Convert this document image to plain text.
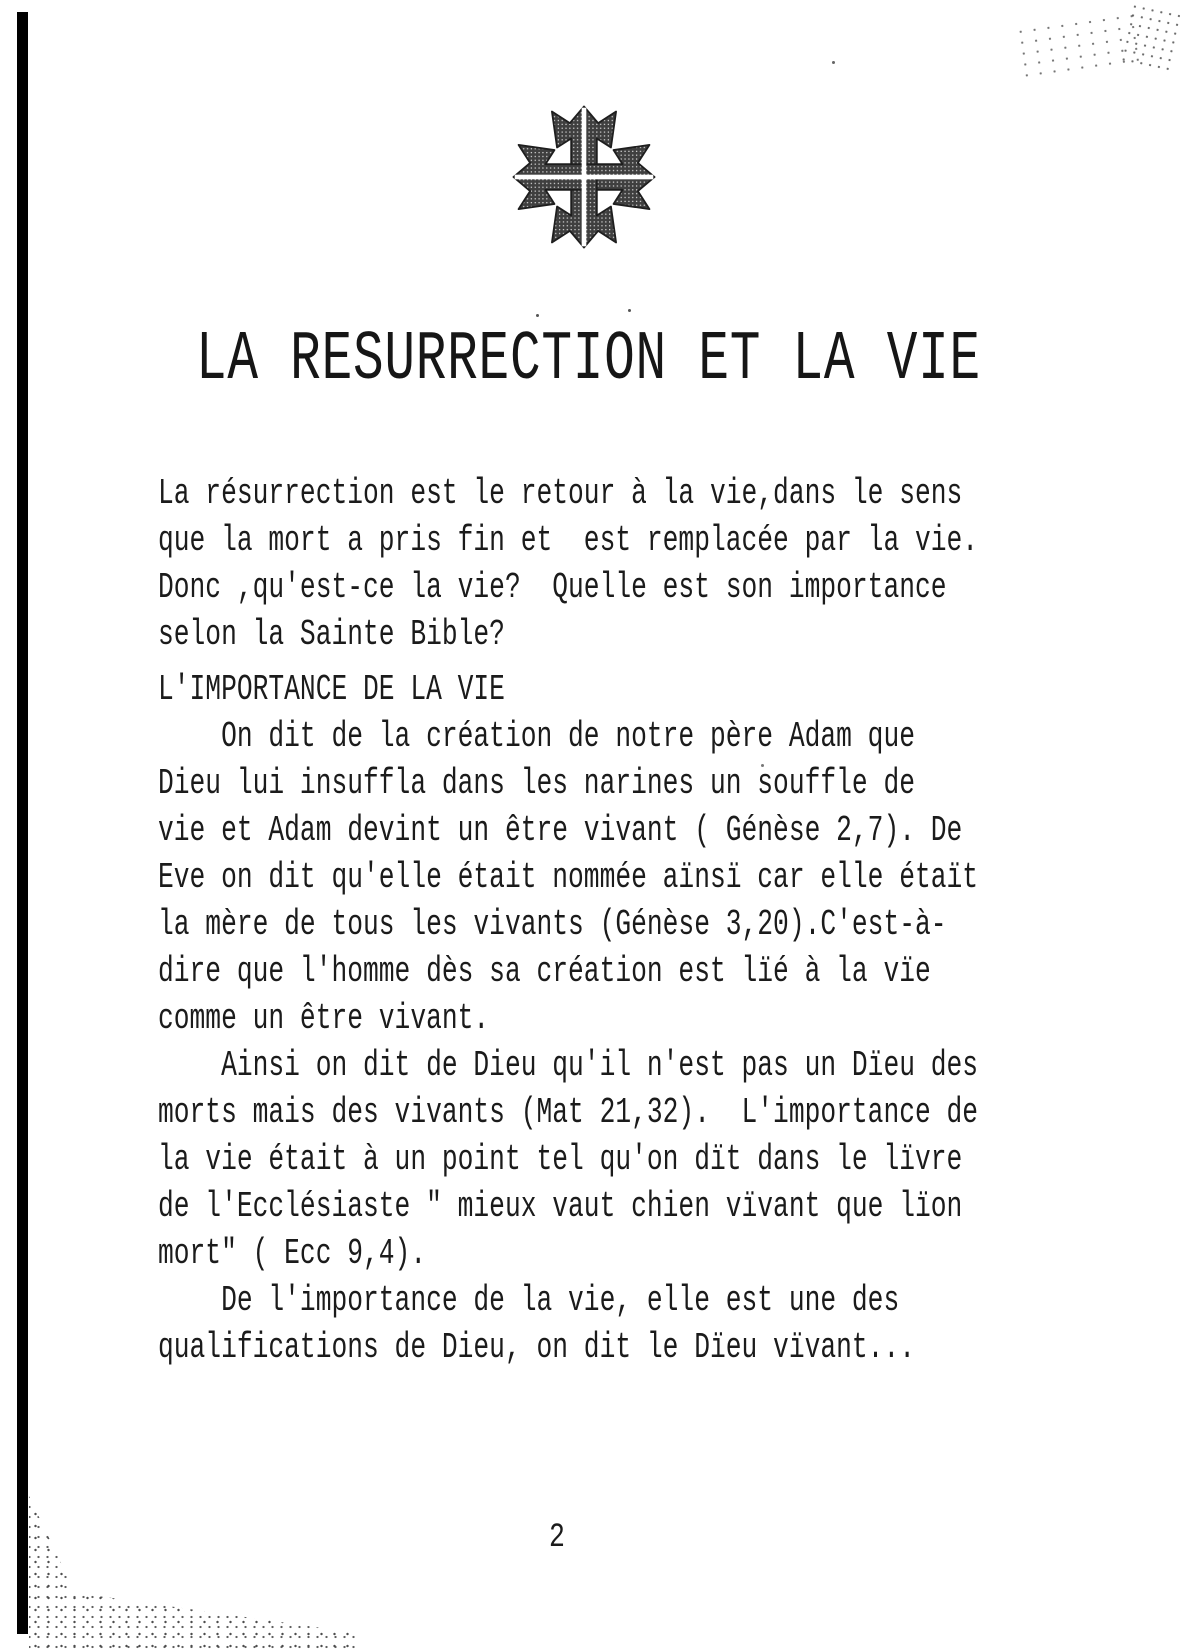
LA RESURRECTION ET LA VIE
La résurrection est le retour à la vie,dans le sens
que la mort a pris fin et  est remplacée par la vie.
Donc ,qu'est-ce la vie?  Quelle est son importance
selon la Sainte Bible?
L'IMPORTANCE DE LA VIE
On dit de la création de notre père Adam que
Dieu lui insuffla dans les narines un souffle de
vie et Adam devint un être vivant ( Génèse 2,7). De
Eve on dit qu'elle était nommée aïnsï car elle étaït
la mère de tous les vivants (Génèse 3,20).C'est-à-
dire que l'homme dès sa création est lïé à la vïe
comme un être vivant.
Ainsi on dit de Dieu qu'il n'est pas un Dïeu des
morts mais des vivants (Mat 21,32).  L'importance de
la vie était à un point tel qu'on dït dans le lïvre
de l'Ecclésiaste " mieux vaut chien vïvant que lïon
mort" ( Ecc 9,4).
De l'importance de la vie, elle est une des
qualifications de Dieu, on dit le Dïeu vïvant...
2
